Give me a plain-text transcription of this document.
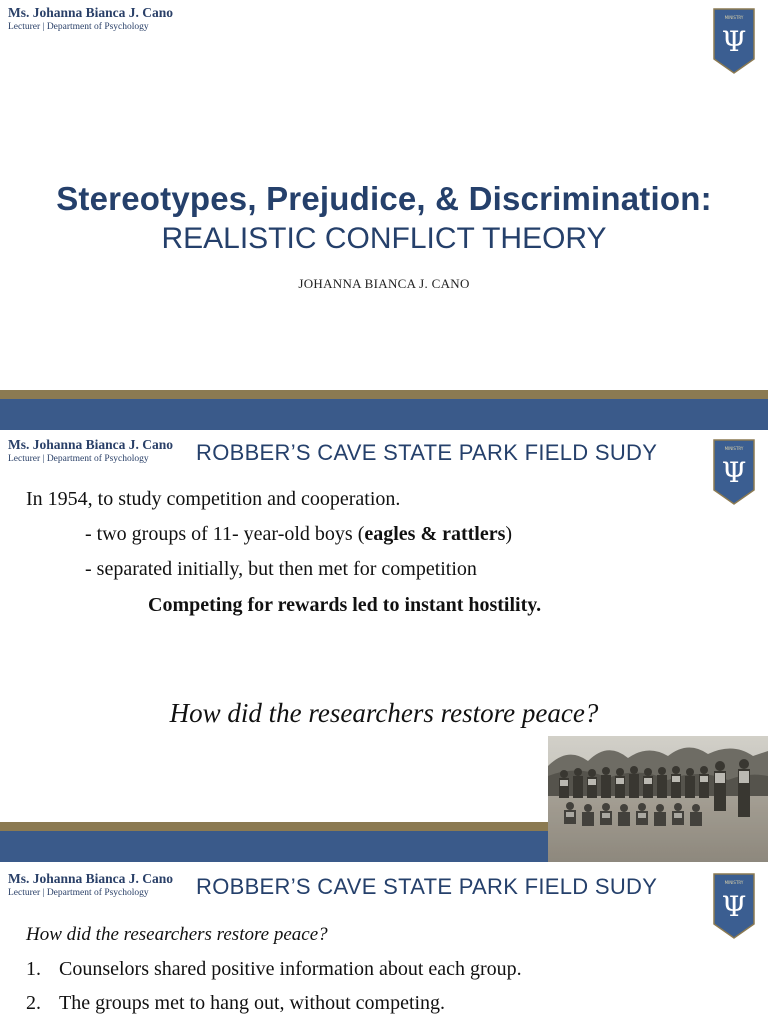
Ms. Johanna Bianca J. Cano
Lecturer | Department of Psychology
MINISTRY
Ψ
Stereotypes, Prejudice, & Discrimination:
REALISTIC CONFLICT THEORY
JOHANNA BIANCA J. CANO
Ms. Johanna Bianca J. Cano
Lecturer | Department of Psychology
MINISTRY
Ψ
ROBBER’S CAVE STATE PARK FIELD SUDY
In 1954, to study competition and cooperation.
- two groups of 11- year-old boys (eagles & rattlers)
- separated initially, but then met for competition
Competing for rewards led to instant hostility.
How did the researchers restore peace?
Ms. Johanna Bianca J. Cano
Lecturer | Department of Psychology
MINISTRY
Ψ
ROBBER’S CAVE STATE PARK FIELD SUDY
How did the researchers restore peace?
1. Counselors shared positive information about each group.
2. The groups met to hang out, without competing.
